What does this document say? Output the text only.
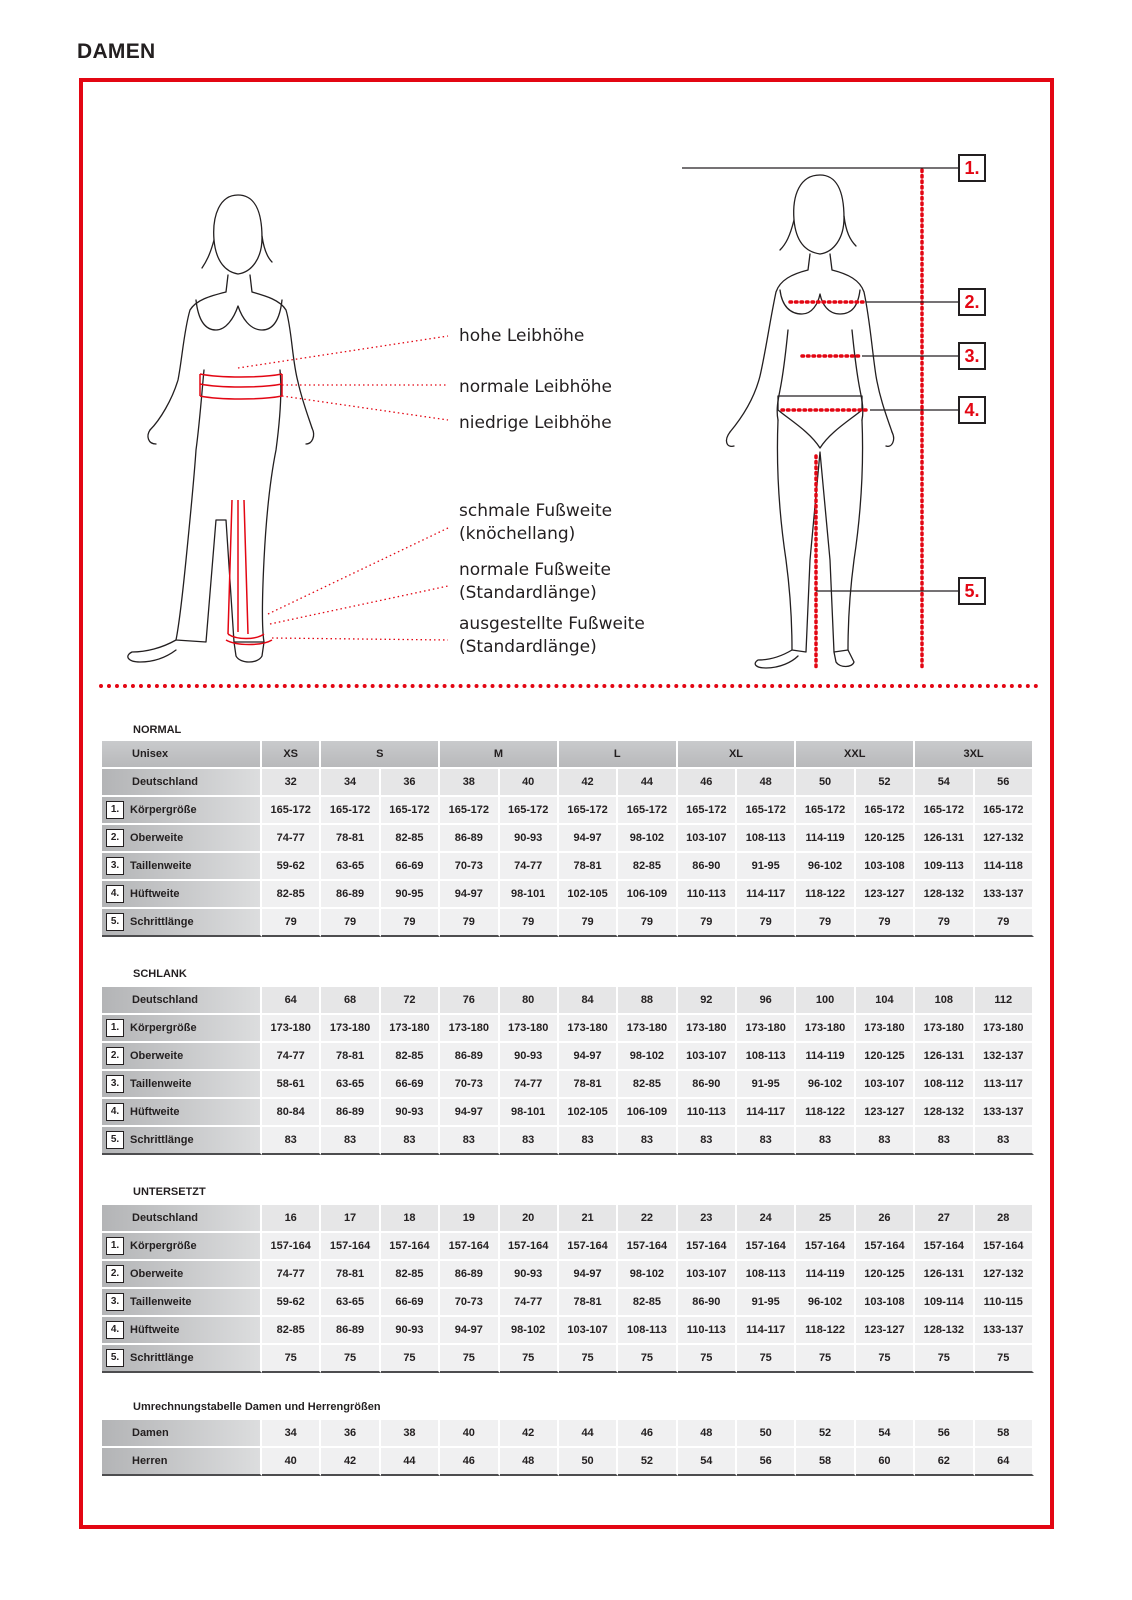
DAMEN
hohe Leibhöhe
normale Leibhöhe
niedrige Leibhöhe
schmale Fußweite
(knöchellang)
normale Fußweite
(Standardlänge)
ausgestellte Fußweite
(Standardlänge)
1.
2.
3.
4.
5.
NORMAL
Unisex	XS	S		M		L		XL		XXL		3XL	
Deutschland	32	34	36	38	40	42	44	46	48	50	52	54	56
1. Körpergröße	165-172	165-172	165-172	165-172	165-172	165-172	165-172	165-172	165-172	165-172	165-172	165-172	165-172
2. Oberweite	74-77	78-81	82-85	86-89	90-93	94-97	98-102	103-107	108-113	114-119	120-125	126-131	127-132
3. Taillenweite	59-62	63-65	66-69	70-73	74-77	78-81	82-85	86-90	91-95	96-102	103-108	109-113	114-118
4. Hüftweite	82-85	86-89	90-95	94-97	98-101	102-105	106-109	110-113	114-117	118-122	123-127	128-132	133-137
5. Schrittlänge	79	79	79	79	79	79	79	79	79	79	79	79	79
SCHLANK
Deutschland	64	68	72	76	80	84	88	92	96	100	104	108	112
1. Körpergröße	173-180	173-180	173-180	173-180	173-180	173-180	173-180	173-180	173-180	173-180	173-180	173-180	173-180
2. Oberweite	74-77	78-81	82-85	86-89	90-93	94-97	98-102	103-107	108-113	114-119	120-125	126-131	132-137
3. Taillenweite	58-61	63-65	66-69	70-73	74-77	78-81	82-85	86-90	91-95	96-102	103-107	108-112	113-117
4. Hüftweite	80-84	86-89	90-93	94-97	98-101	102-105	106-109	110-113	114-117	118-122	123-127	128-132	133-137
5. Schrittlänge	83	83	83	83	83	83	83	83	83	83	83	83	83
UNTERSETZT
Deutschland	16	17	18	19	20	21	22	23	24	25	26	27	28
1. Körpergröße	157-164	157-164	157-164	157-164	157-164	157-164	157-164	157-164	157-164	157-164	157-164	157-164	157-164
2. Oberweite	74-77	78-81	82-85	86-89	90-93	94-97	98-102	103-107	108-113	114-119	120-125	126-131	127-132
3. Taillenweite	59-62	63-65	66-69	70-73	74-77	78-81	82-85	86-90	91-95	96-102	103-108	109-114	110-115
4. Hüftweite	82-85	86-89	90-93	94-97	98-102	103-107	108-113	110-113	114-117	118-122	123-127	128-132	133-137
5. Schrittlänge	75	75	75	75	75	75	75	75	75	75	75	75	75
Umrechnungstabelle Damen und Herrengrößen
Damen	34	36	38	40	42	44	46	48	50	52	54	56	58
Herren	40	42	44	46	48	50	52	54	56	58	60	62	64
